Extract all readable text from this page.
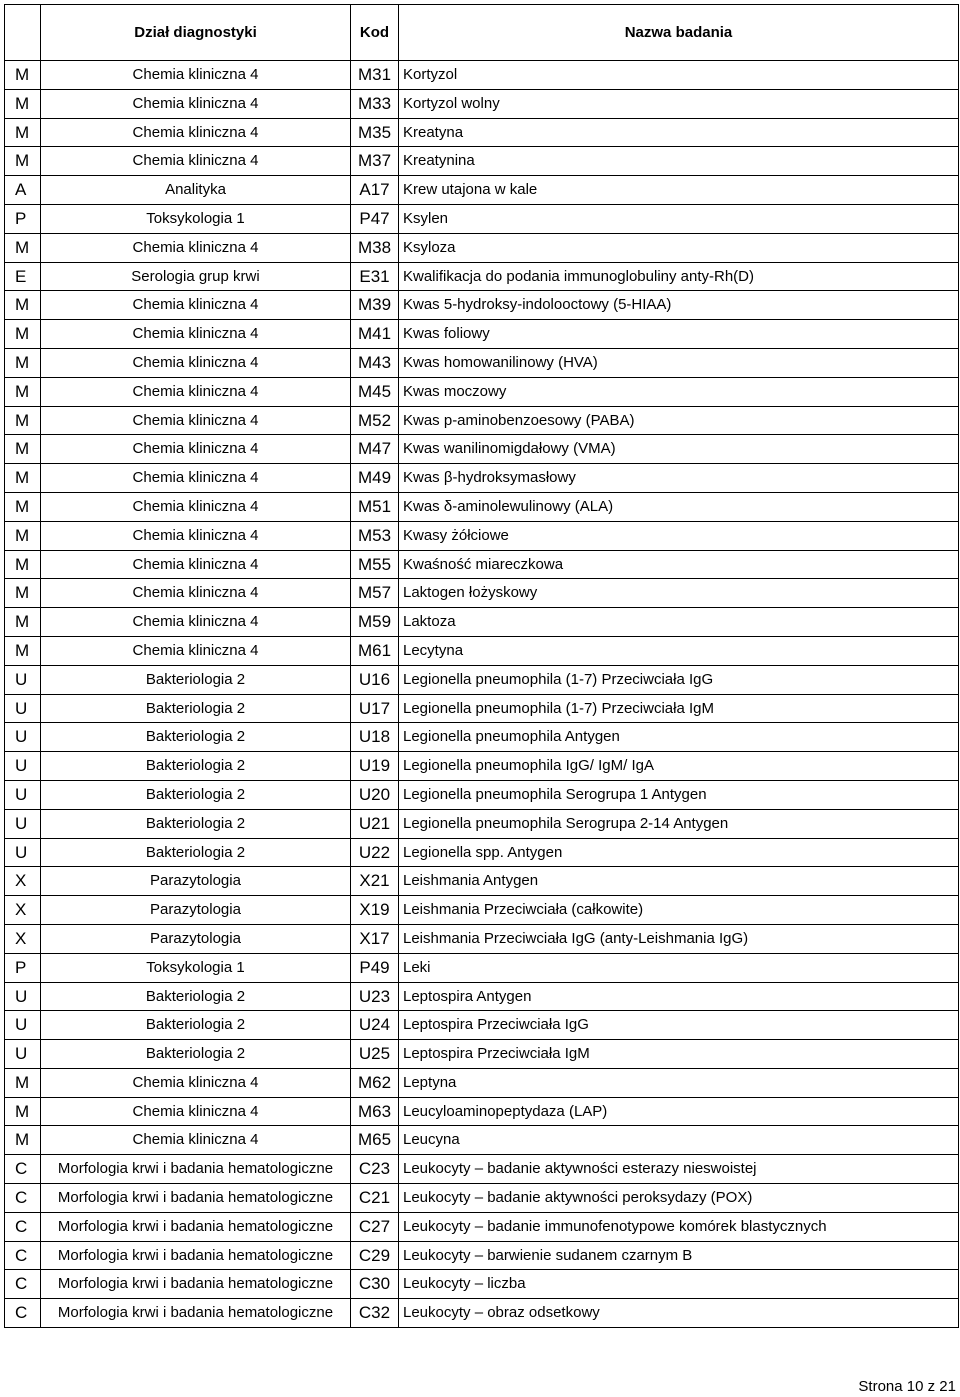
	Dział diagnostyki	Kod	Nazwa badania
M	Chemia kliniczna 4	M31	Kortyzol
M	Chemia kliniczna 4	M33	Kortyzol wolny
M	Chemia kliniczna 4	M35	Kreatyna
M	Chemia kliniczna 4	M37	Kreatynina
A	Analityka	A17	Krew utajona w kale
P	Toksykologia 1	P47	Ksylen
M	Chemia kliniczna 4	M38	Ksyloza
E	Serologia grup krwi	E31	Kwalifikacja do podania immunoglobuliny anty-Rh(D)
M	Chemia kliniczna 4	M39	Kwas 5-hydroksy-indolooctowy (5-HIAA)
M	Chemia kliniczna 4	M41	Kwas foliowy
M	Chemia kliniczna 4	M43	Kwas homowanilinowy (HVA)
M	Chemia kliniczna 4	M45	Kwas moczowy
M	Chemia kliniczna 4	M52	Kwas p-aminobenzoesowy (PABA)
M	Chemia kliniczna 4	M47	Kwas wanilinomigdałowy (VMA)
M	Chemia kliniczna 4	M49	Kwas β-hydroksymasłowy
M	Chemia kliniczna 4	M51	Kwas δ-aminolewulinowy (ALA)
M	Chemia kliniczna 4	M53	Kwasy żółciowe
M	Chemia kliniczna 4	M55	Kwaśność miareczkowa
M	Chemia kliniczna 4	M57	Laktogen łożyskowy
M	Chemia kliniczna 4	M59	Laktoza
M	Chemia kliniczna 4	M61	Lecytyna
U	Bakteriologia 2	U16	Legionella pneumophila (1-7) Przeciwciała IgG
U	Bakteriologia 2	U17	Legionella pneumophila (1-7) Przeciwciała IgM
U	Bakteriologia 2	U18	Legionella pneumophila Antygen
U	Bakteriologia 2	U19	Legionella pneumophila IgG/ IgM/ IgA
U	Bakteriologia 2	U20	Legionella pneumophila Serogrupa 1 Antygen
U	Bakteriologia 2	U21	Legionella pneumophila Serogrupa 2-14 Antygen
U	Bakteriologia 2	U22	Legionella spp. Antygen
X	Parazytologia	X21	Leishmania Antygen
X	Parazytologia	X19	Leishmania Przeciwciała (całkowite)
X	Parazytologia	X17	Leishmania Przeciwciała IgG (anty-Leishmania IgG)
P	Toksykologia 1	P49	Leki
U	Bakteriologia 2	U23	Leptospira Antygen
U	Bakteriologia 2	U24	Leptospira Przeciwciała IgG
U	Bakteriologia 2	U25	Leptospira Przeciwciała IgM
M	Chemia kliniczna 4	M62	Leptyna
M	Chemia kliniczna 4	M63	Leucyloaminopeptydaza (LAP)
M	Chemia kliniczna 4	M65	Leucyna
C	Morfologia krwi i badania hematologiczne	C23	Leukocyty – badanie aktywności esterazy nieswoistej
C	Morfologia krwi i badania hematologiczne	C21	Leukocyty – badanie aktywności peroksydazy (POX)
C	Morfologia krwi i badania hematologiczne	C27	Leukocyty – badanie immunofenotypowe komórek blastycznych
C	Morfologia krwi i badania hematologiczne	C29	Leukocyty – barwienie sudanem czarnym B
C	Morfologia krwi i badania hematologiczne	C30	Leukocyty – liczba
C	Morfologia krwi i badania hematologiczne	C32	Leukocyty – obraz odsetkowy
Strona 10 z 21
